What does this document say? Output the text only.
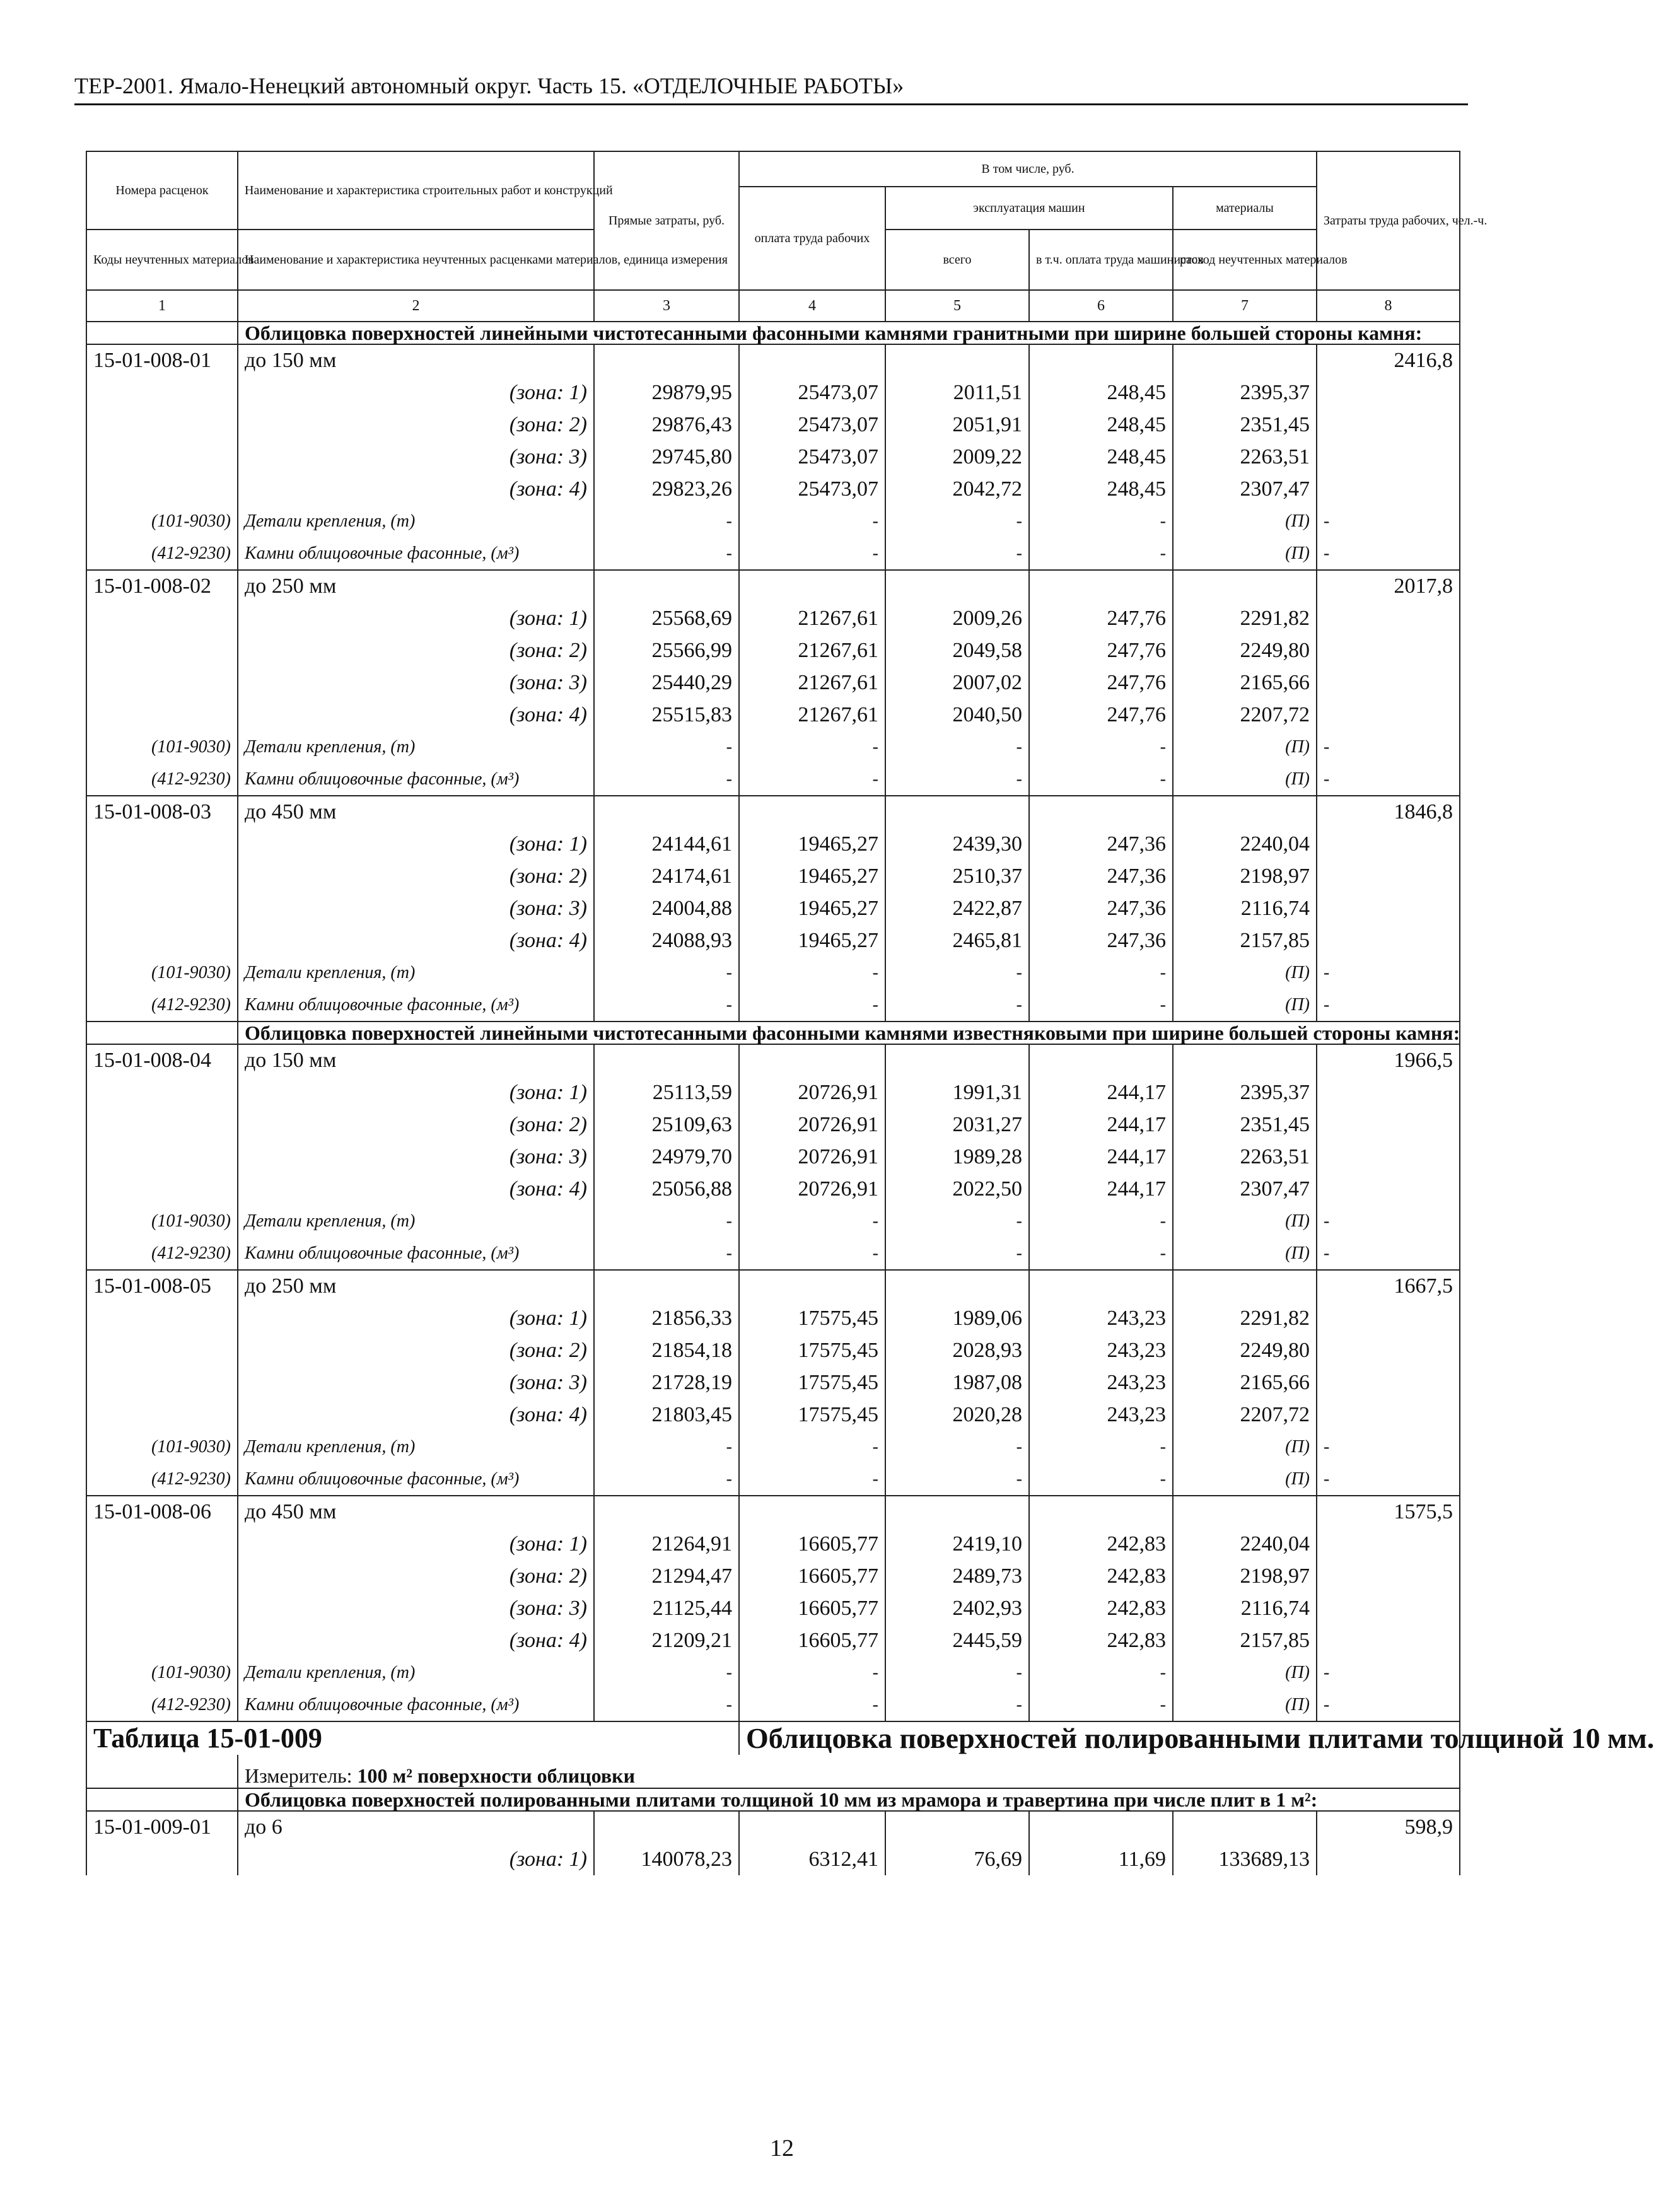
ТЕР-2001. Ямало-Ненецкий автономный округ. Часть 15. «ОТДЕЛОЧНЫЕ РАБОТЫ»
Номера расценок	Наименование и характеристика строительных работ и конструкций	Прямые затраты, руб.	В том числе, руб.				Затраты труда рабочих, чел.-ч.
			оплата труда рабочих	эксплуатация машин		материалы	
Коды неучтенных материалов	Наименование и характеристика неучтенных расценками материалов, единица измерения			всего	в т.ч. оплата труда машинистов	расход неучтенных материалов	
1	2	3	4	5	6	7	8
	Облицовка поверхностей линейными чистотесанными фасонными камнями гранитными при ширине большей стороны камня:						
15-01-008-01	до 150 мм						2416,8
	(зона: 1)	29879,95	25473,07	2011,51	248,45	2395,37	
	(зона: 2)	29876,43	25473,07	2051,91	248,45	2351,45	
	(зона: 3)	29745,80	25473,07	2009,22	248,45	2263,51	
	(зона: 4)	29823,26	25473,07	2042,72	248,45	2307,47	
(101-9030)	Детали крепления, (т)	-	-	-	-	(П)	-
(412-9230)	Камни облицовочные фасонные, (м³)	-	-	-	-	(П)	-
15-01-008-02	до 250 мм						2017,8
	(зона: 1)	25568,69	21267,61	2009,26	247,76	2291,82	
	(зона: 2)	25566,99	21267,61	2049,58	247,76	2249,80	
	(зона: 3)	25440,29	21267,61	2007,02	247,76	2165,66	
	(зона: 4)	25515,83	21267,61	2040,50	247,76	2207,72	
(101-9030)	Детали крепления, (т)	-	-	-	-	(П)	-
(412-9230)	Камни облицовочные фасонные, (м³)	-	-	-	-	(П)	-
15-01-008-03	до 450 мм						1846,8
	(зона: 1)	24144,61	19465,27	2439,30	247,36	2240,04	
	(зона: 2)	24174,61	19465,27	2510,37	247,36	2198,97	
	(зона: 3)	24004,88	19465,27	2422,87	247,36	2116,74	
	(зона: 4)	24088,93	19465,27	2465,81	247,36	2157,85	
(101-9030)	Детали крепления, (т)	-	-	-	-	(П)	-
(412-9230)	Камни облицовочные фасонные, (м³)	-	-	-	-	(П)	-
	Облицовка поверхностей линейными чистотесанными фасонными камнями известняковыми при ширине большей стороны камня:						
15-01-008-04	до 150 мм						1966,5
	(зона: 1)	25113,59	20726,91	1991,31	244,17	2395,37	
	(зона: 2)	25109,63	20726,91	2031,27	244,17	2351,45	
	(зона: 3)	24979,70	20726,91	1989,28	244,17	2263,51	
	(зона: 4)	25056,88	20726,91	2022,50	244,17	2307,47	
(101-9030)	Детали крепления, (т)	-	-	-	-	(П)	-
(412-9230)	Камни облицовочные фасонные, (м³)	-	-	-	-	(П)	-
15-01-008-05	до 250 мм						1667,5
	(зона: 1)	21856,33	17575,45	1989,06	243,23	2291,82	
	(зона: 2)	21854,18	17575,45	2028,93	243,23	2249,80	
	(зона: 3)	21728,19	17575,45	1987,08	243,23	2165,66	
	(зона: 4)	21803,45	17575,45	2020,28	243,23	2207,72	
(101-9030)	Детали крепления, (т)	-	-	-	-	(П)	-
(412-9230)	Камни облицовочные фасонные, (м³)	-	-	-	-	(П)	-
15-01-008-06	до 450 мм						1575,5
	(зона: 1)	21264,91	16605,77	2419,10	242,83	2240,04	
	(зона: 2)	21294,47	16605,77	2489,73	242,83	2198,97	
	(зона: 3)	21125,44	16605,77	2402,93	242,83	2116,74	
	(зона: 4)	21209,21	16605,77	2445,59	242,83	2157,85	
(101-9030)	Детали крепления, (т)	-	-	-	-	(П)	-
(412-9230)	Камни облицовочные фасонные, (м³)	-	-	-	-	(П)	-
Таблица 15-01-009			Облицовка поверхностей полированными плитами толщиной 10 мм.				
	Измеритель: 100 м² поверхности облицовки						
	Облицовка поверхностей полированными плитами толщиной 10 мм из мрамора и травертина при числе плит в 1 м²:						
15-01-009-01	до 6						598,9
	(зона: 1)	140078,23	6312,41	76,69	11,69	133689,13	
12
